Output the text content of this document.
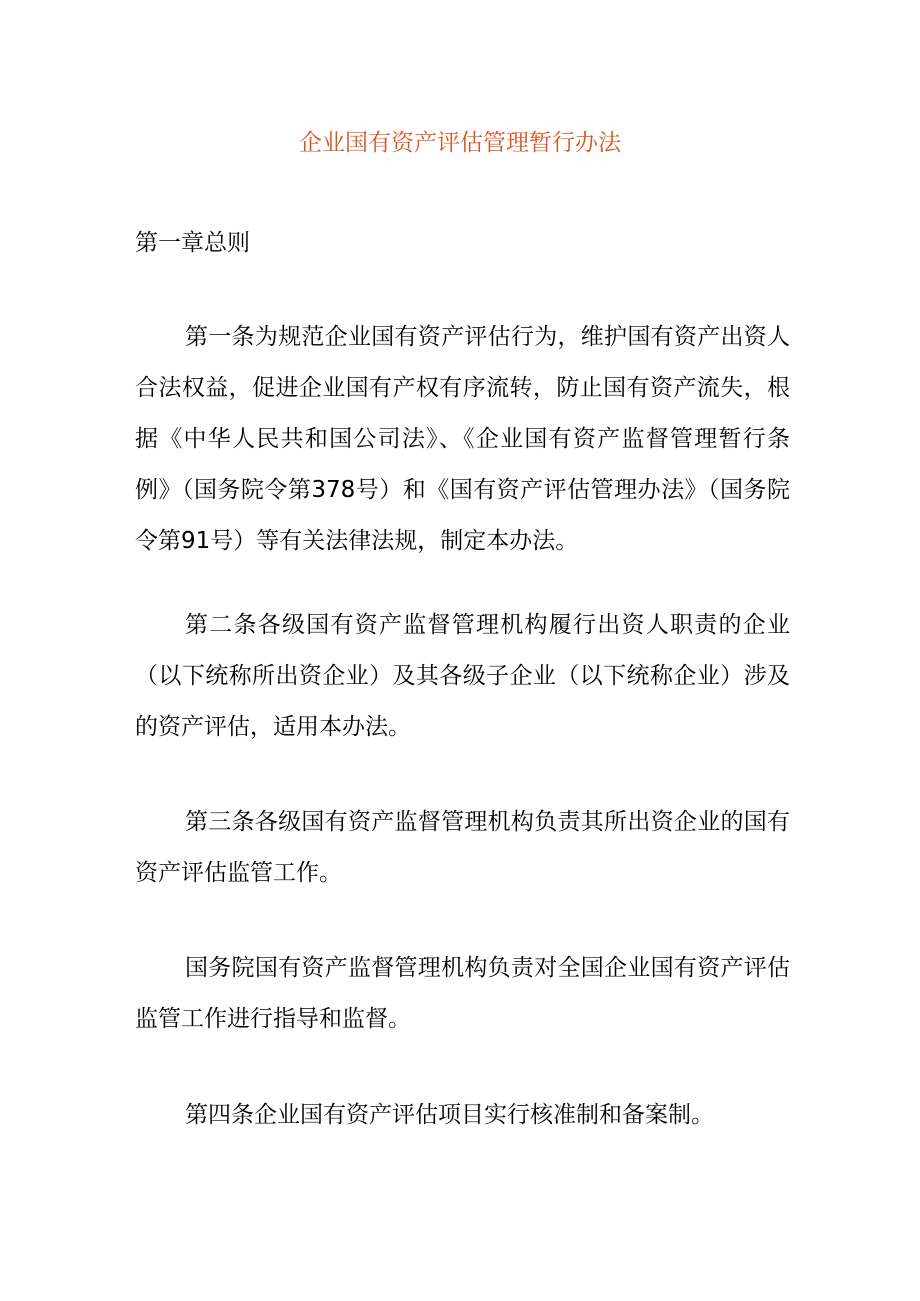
企业国有资产评估管理暂行办法
第一章总则

第一条为规范企业国有资产评估行为，维护国有资产出资人合法权益，促进企业国有产权有序流转，防止国有资产流失，根据《中华人民共和国公司法》、《企业国有资产监督管理暂行条例》（国务院令第378号）和《国有资产评估管理办法》（国务院令第91号）等有关法律法规，制定本办法。

第二条各级国有资产监督管理机构履行出资人职责的企业（以下统称所出资企业）及其各级子企业（以下统称企业）涉及的资产评估，适用本办法。

第三条各级国有资产监督管理机构负责其所出资企业的国有资产评估监管工作。

国务院国有资产监督管理机构负责对全国企业国有资产评估监管工作进行指导和监督。

第四条企业国有资产评估项目实行核准制和备案制。
